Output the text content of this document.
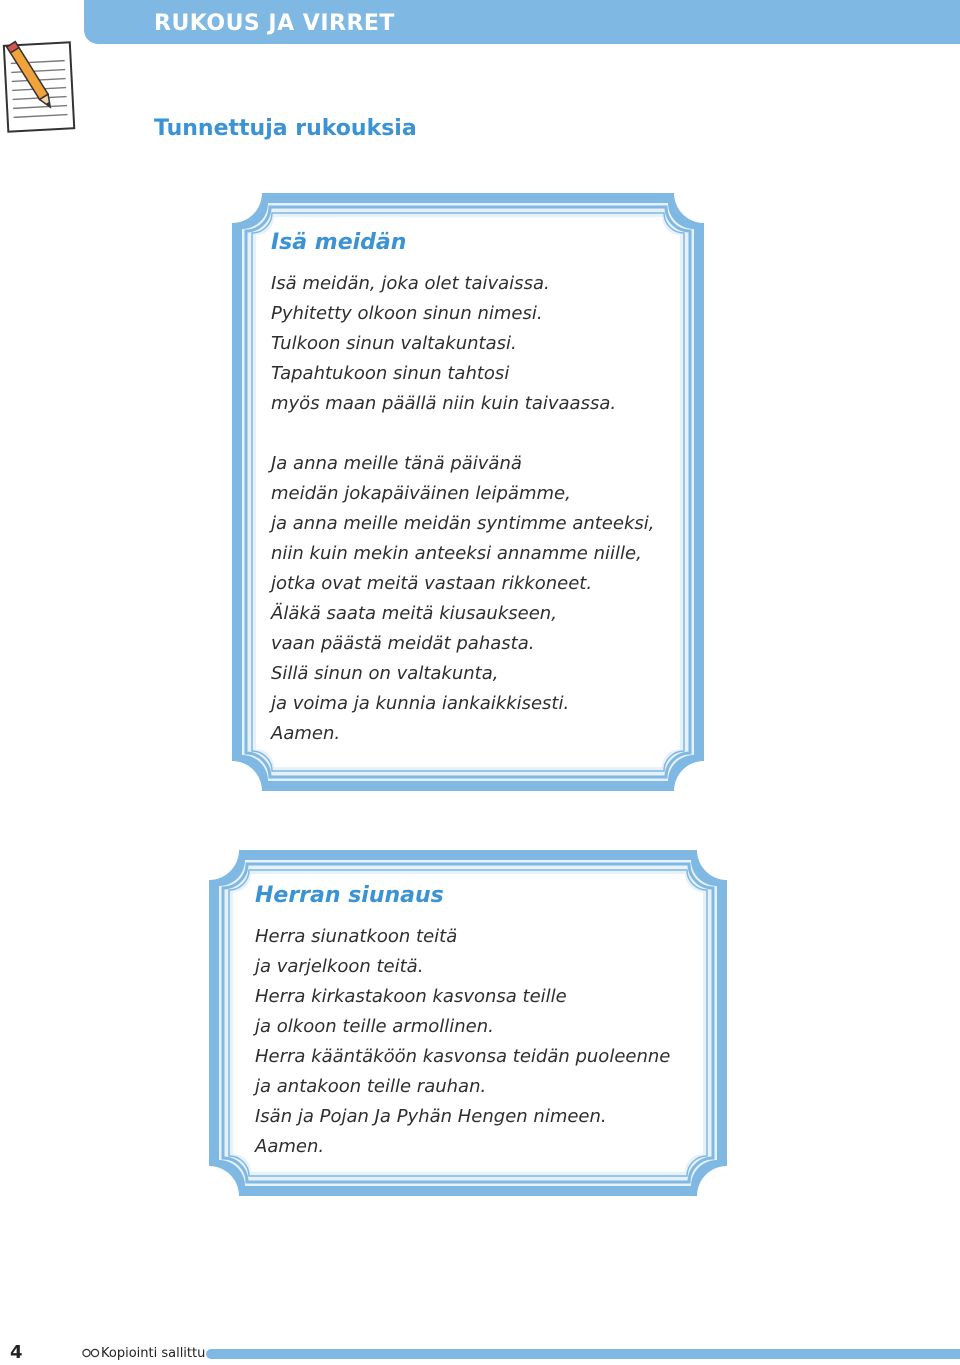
RUKOUS JA VIRRET
Tunnettuja rukouksia
Isä meidän
Isä meidän, joka olet taivaissa.
Pyhitetty olkoon sinun nimesi.
Tulkoon sinun valtakuntasi.
Tapahtukoon sinun tahtosi
myös maan päällä niin kuin taivaassa.
Ja anna meille tänä päivänä
meidän jokapäiväinen leipämme,
ja anna meille meidän syntimme anteeksi,
niin kuin mekin anteeksi annamme niille,
jotka ovat meitä vastaan rikkoneet.
Äläkä saata meitä kiusaukseen,
vaan päästä meidät pahasta.
Sillä sinun on valtakunta,
ja voima ja kunnia iankaikkisesti.
Aamen.
Herran siunaus
Herra siunatkoon teitä
ja varjelkoon teitä.
Herra kirkastakoon kasvonsa teille
ja olkoon teille armollinen.
Herra kääntäköön kasvonsa teidän puoleenne
ja antakoon teille rauhan.
Isän ja Pojan Ja Pyhän Hengen nimeen.
Aamen.
4	Kopiointi sallittu
